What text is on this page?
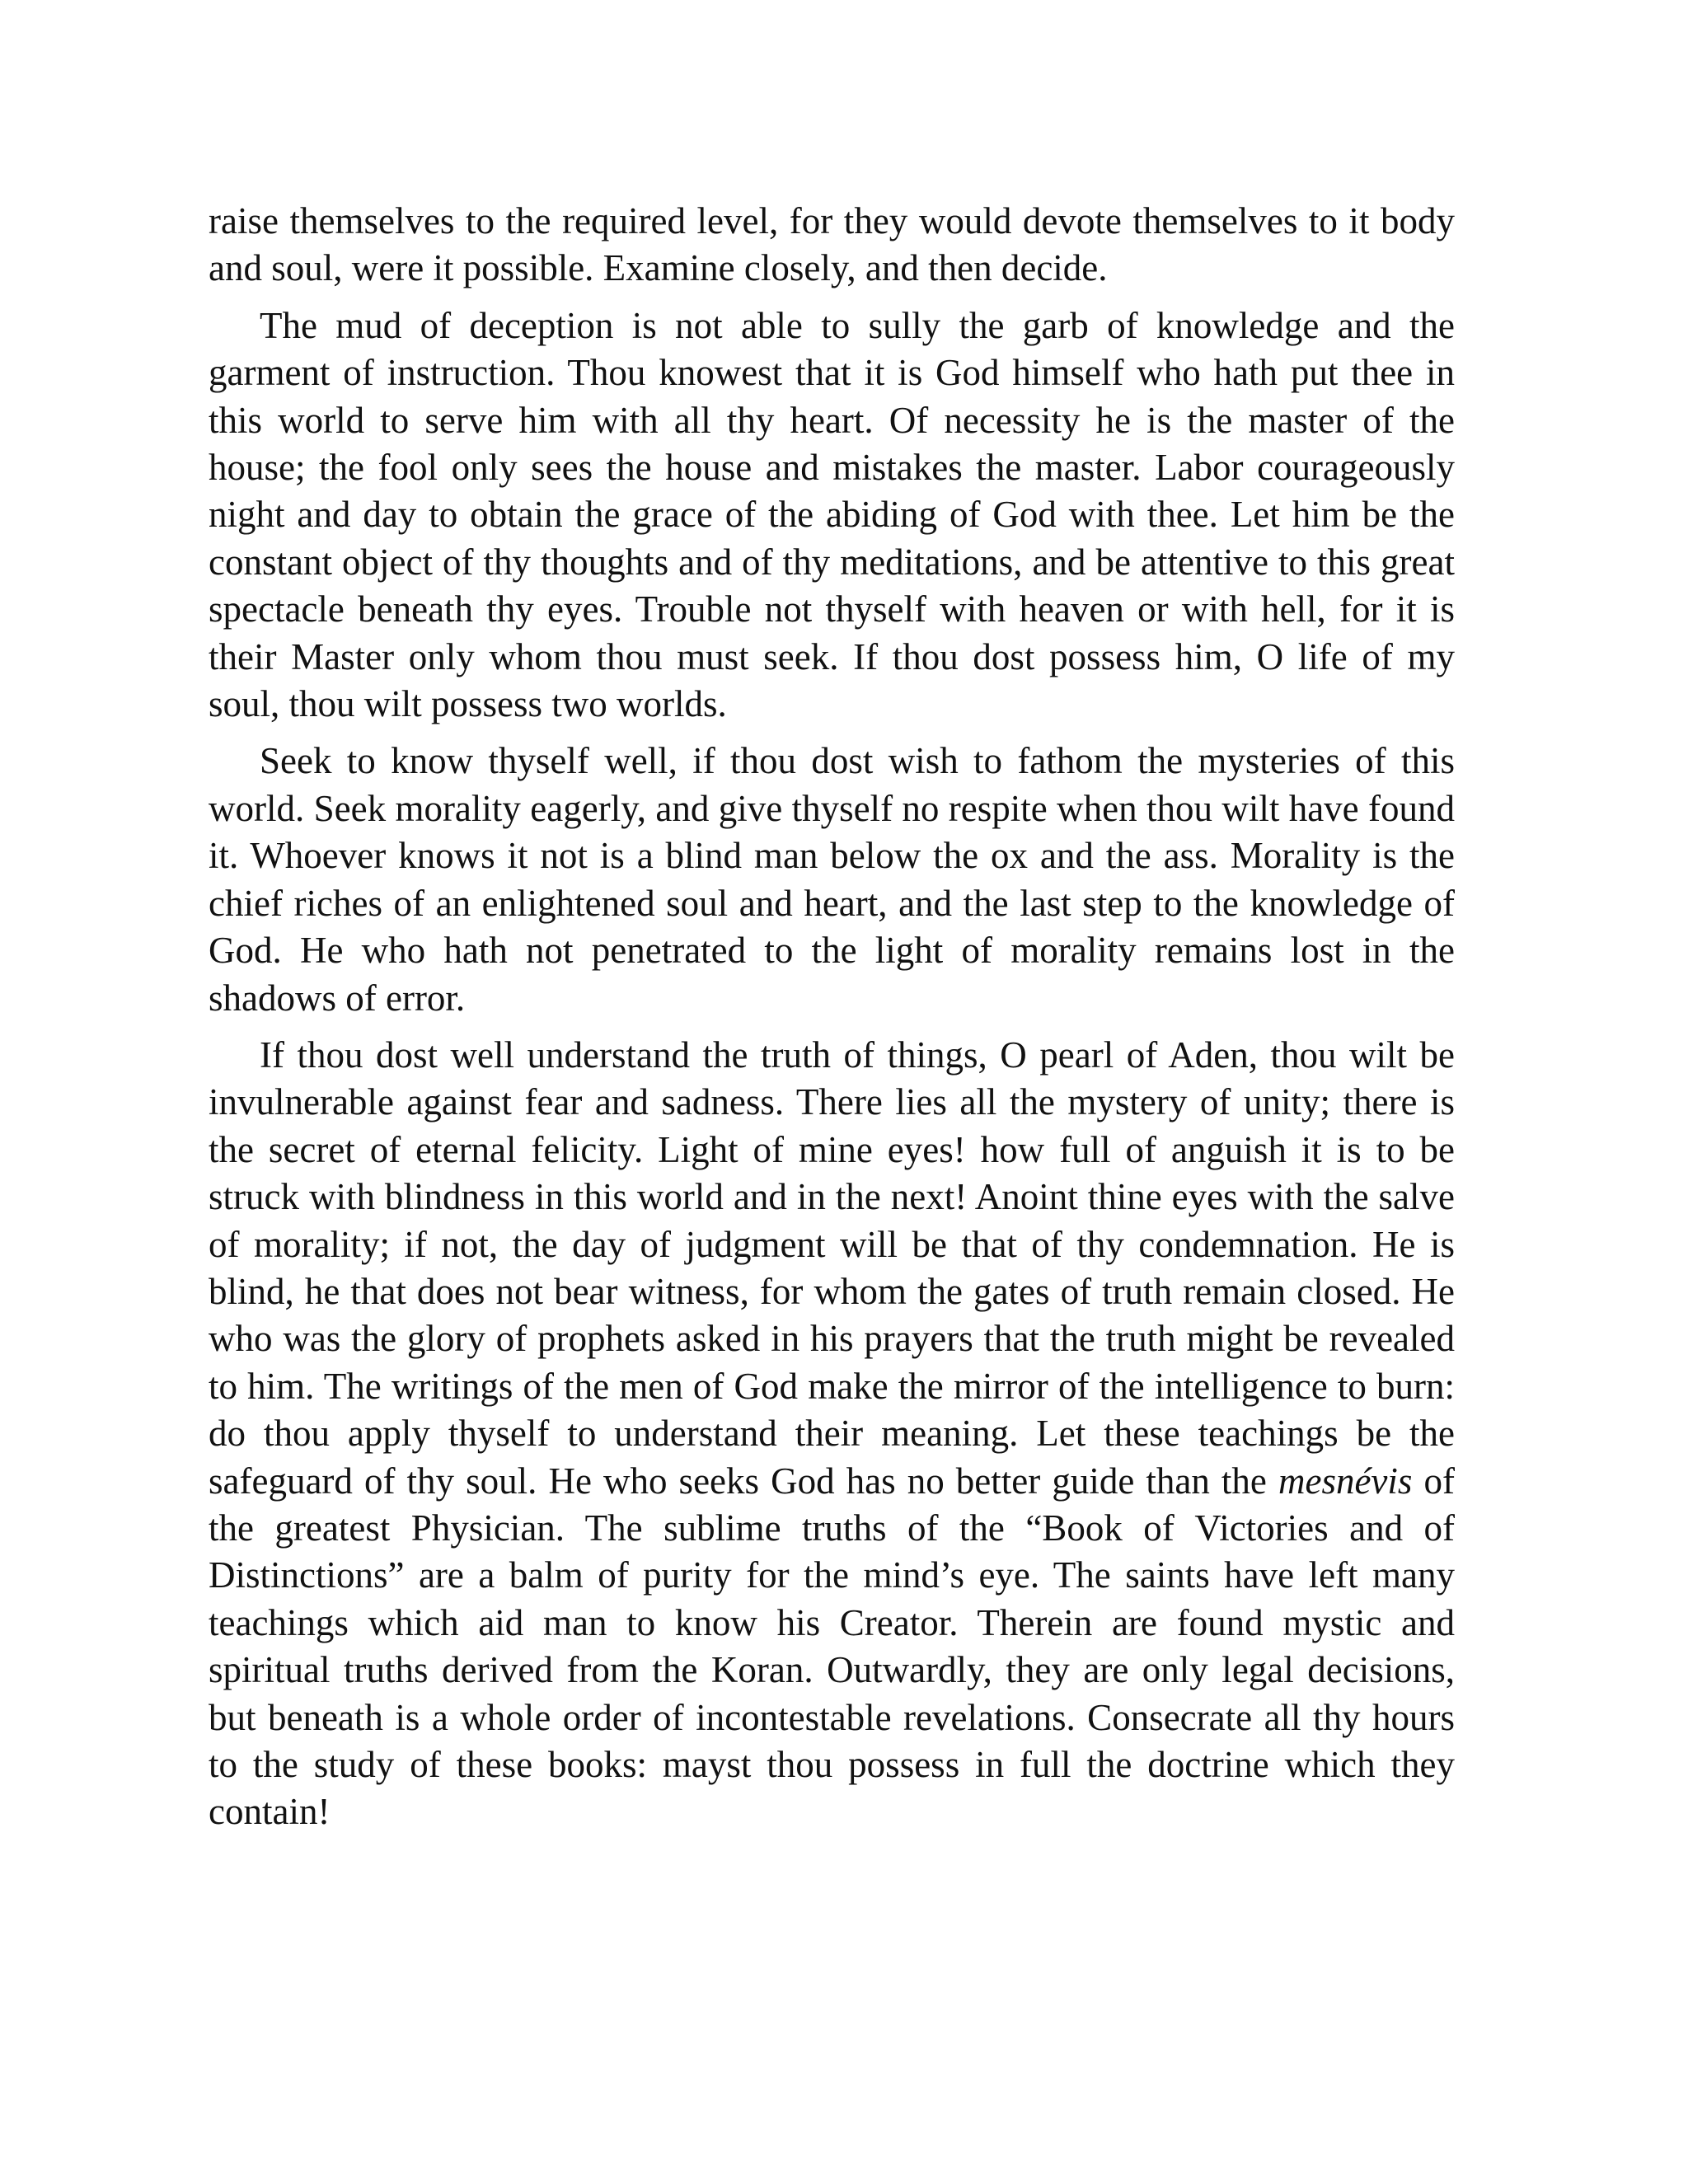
raise themselves to the required level, for they would devote themselves to it body and soul, were it possible. Examine closely, and then decide.

The mud of deception is not able to sully the garb of knowledge and the garment of instruction. Thou knowest that it is God himself who hath put thee in this world to serve him with all thy heart. Of necessity he is the master of the house; the fool only sees the house and mistakes the master. Labor courageously night and day to obtain the grace of the abiding of God with thee. Let him be the constant object of thy thoughts and of thy meditations, and be attentive to this great spectacle beneath thy eyes. Trouble not thyself with heaven or with hell, for it is their Master only whom thou must seek. If thou dost possess him, O life of my soul, thou wilt possess two worlds.

Seek to know thyself well, if thou dost wish to fathom the mysteries of this world. Seek morality eagerly, and give thyself no respite when thou wilt have found it. Whoever knows it not is a blind man below the ox and the ass. Morality is the chief riches of an enlightened soul and heart, and the last step to the knowledge of God. He who hath not penetrated to the light of morality remains lost in the shadows of error.

If thou dost well understand the truth of things, O pearl of Aden, thou wilt be invulnerable against fear and sadness. There lies all the mystery of unity; there is the secret of eternal felicity. Light of mine eyes! how full of anguish it is to be struck with blindness in this world and in the next! Anoint thine eyes with the salve of morality; if not, the day of judgment will be that of thy condemnation. He is blind, he that does not bear witness, for whom the gates of truth remain closed. He who was the glory of prophets asked in his prayers that the truth might be revealed to him. The writings of the men of God make the mirror of the intelligence to burn: do thou apply thyself to understand their meaning. Let these teachings be the safeguard of thy soul. He who seeks God has no better guide than the mesnévis of the greatest Physician. The sublime truths of the “Book of Victories and of Distinctions” are a balm of purity for the mind’s eye. The saints have left many teachings which aid man to know his Creator. Therein are found mystic and spiritual truths derived from the Koran. Outwardly, they are only legal decisions, but beneath is a whole order of incontestable revelations. Consecrate all thy hours to the study of these books: mayst thou possess in full the doctrine which they contain!
